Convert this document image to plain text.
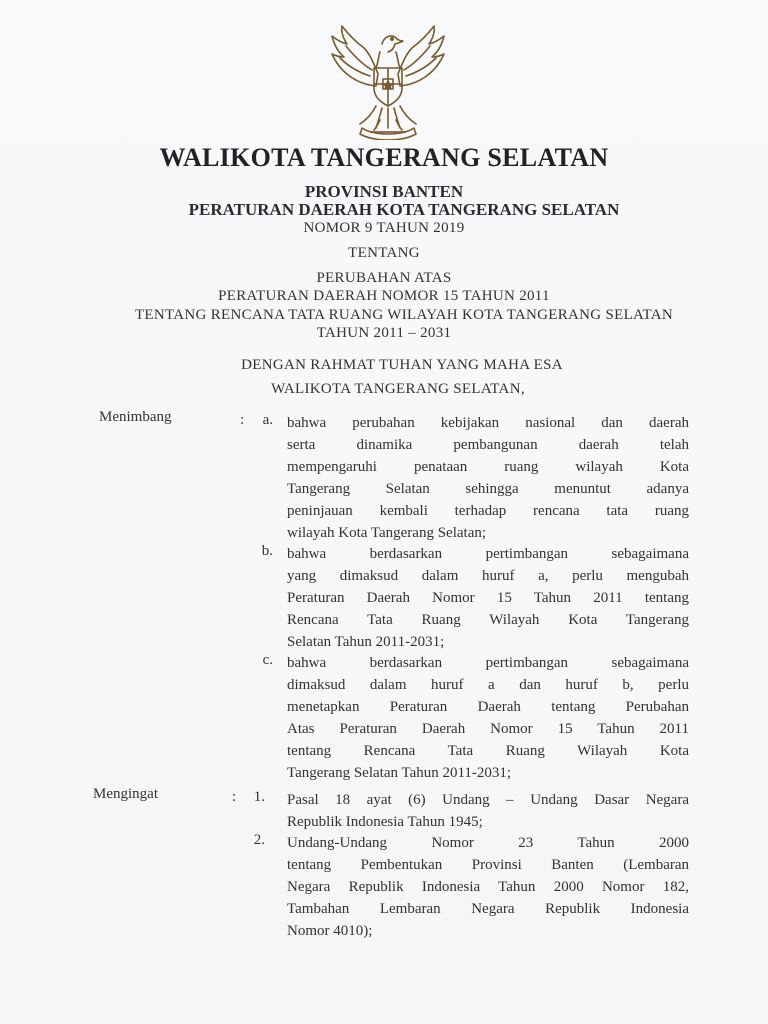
WALIKOTA TANGERANG SELATAN
PROVINSI BANTEN
PERATURAN DAERAH KOTA TANGERANG SELATAN
NOMOR 9 TAHUN 2019
TENTANG
PERUBAHAN ATAS
PERATURAN DAERAH NOMOR 15 TAHUN 2011
TENTANG RENCANA TATA RUANG WILAYAH KOTA TANGERANG SELATAN
TAHUN 2011 – 2031
DENGAN RAHMAT TUHAN YANG MAHA ESA
WALIKOTA TANGERANG SELATAN,
Menimbang	:	a. bahwa perubahan kebijakan nasional dan daerah
serta dinamika pembangunan daerah telah
mempengaruhi penataan ruang wilayah Kota
Tangerang Selatan sehingga menuntut adanya
peninjauan kembali terhadap rencana tata ruang
wilayah Kota Tangerang Selatan;
b. bahwa berdasarkan pertimbangan sebagaimana
yang dimaksud dalam huruf a, perlu mengubah
Peraturan Daerah Nomor 15 Tahun 2011 tentang
Rencana Tata Ruang Wilayah Kota Tangerang
Selatan Tahun 2011-2031;
c. bahwa berdasarkan pertimbangan sebagaimana
dimaksud dalam huruf a dan huruf b, perlu
menetapkan Peraturan Daerah tentang Perubahan
Atas Peraturan Daerah Nomor 15 Tahun 2011
tentang Rencana Tata Ruang Wilayah Kota
Tangerang Selatan Tahun 2011-2031;
Mengingat	:	1. Pasal 18 ayat (6) Undang – Undang Dasar Negara
Republik Indonesia Tahun 1945;
2. Undang-Undang Nomor 23 Tahun 2000
tentang Pembentukan Provinsi Banten (Lembaran
Negara Republik Indonesia Tahun 2000 Nomor 182,
Tambahan Lembaran Negara Republik Indonesia
Nomor 4010);
